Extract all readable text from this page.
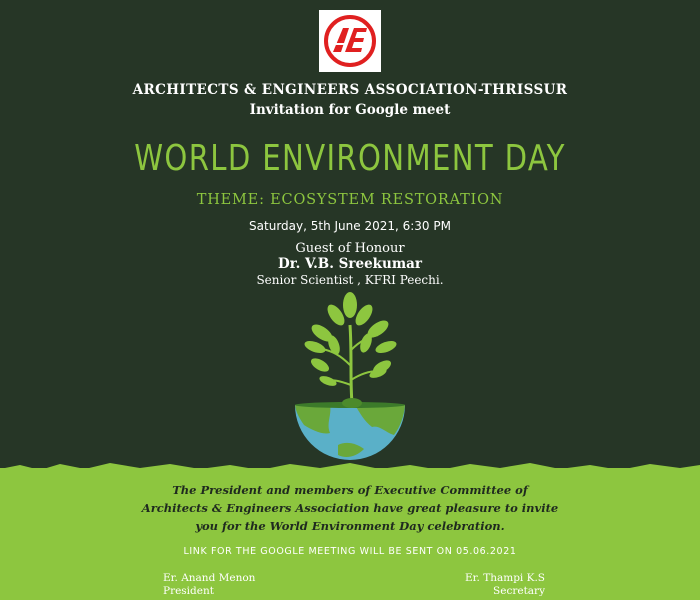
ARCHITECTS & ENGINEERS ASSOCIATION-THRISSUR
Invitation for Google meet
WORLD ENVIRONMENT DAY
THEME: ECOSYSTEM RESTORATION
Saturday, 5th June 2021, 6:30 PM
Guest of Honour
Dr. V.B. Sreekumar
Senior Scientist , KFRI Peechi.
The President and members of Executive Committee of
Architects & Engineers Association have great pleasure to invite
you for the World Environment Day celebration.
LINK FOR THE GOOGLE MEETING WILL BE SENT ON 05.06.2021
Er. Anand Menon
President
Er. Thampi K.S
Secretary
